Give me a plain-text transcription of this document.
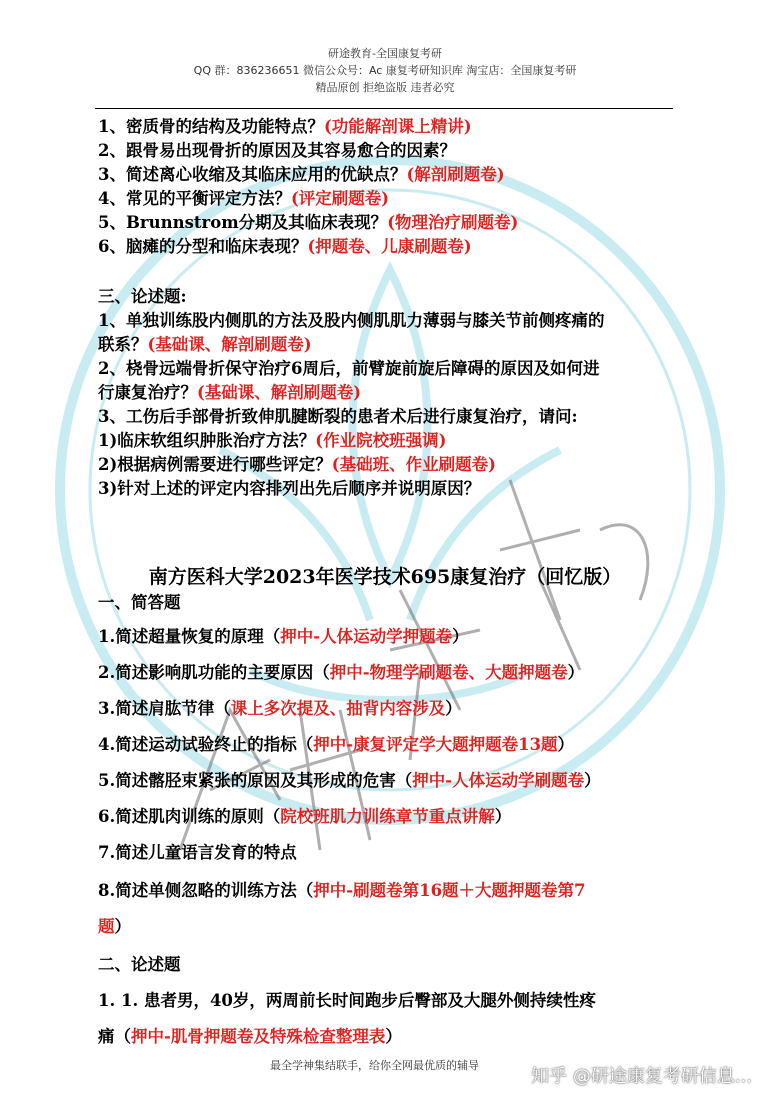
研途教育-全国康复考研
QQ 群：836236651 微信公众号：Ac 康复考研知识库 淘宝店：全国康复考研
精品原创 拒绝盗版 违者必究
1、密质骨的结构及功能特点？(功能解剖课上精讲)
2、跟骨易出现骨折的原因及其容易愈合的因素？
3、简述离心收缩及其临床应用的优缺点？(解剖刷题卷)
4、常见的平衡评定方法？(评定刷题卷)
5、Brunnstrom分期及其临床表现？(物理治疗刷题卷)
6、脑瘫的分型和临床表现？(押题卷、儿康刷题卷)
三、论述题:
1、单独训练股内侧肌的方法及股内侧肌肌力薄弱与膝关节前侧疼痛的
联系？(基础课、解剖刷题卷)
2、桡骨远端骨折保守治疗6周后，前臂旋前旋后障碍的原因及如何进
行康复治疗？(基础课、解剖刷题卷)
3、工伤后手部骨折致伸肌腱断裂的患者术后进行康复治疗，请问:
1)临床软组织肿胀治疗方法？(作业院校班强调)
2)根据病例需要进行哪些评定？(基础班、作业刷题卷)
3)针对上述的评定内容排列出先后顺序并说明原因？
南方医科大学2023年医学技术695康复治疗（回忆版）
一、简答题
1.简述超量恢复的原理（押中-人体运动学押题卷）
2.简述影响肌功能的主要原因（押中-物理学刷题卷、大题押题卷）
3.简述肩肱节律（课上多次提及、抽背内容涉及）
4.简述运动试验终止的指标（押中-康复评定学大题押题卷13题）
5.简述髂胫束紧张的原因及其形成的危害（押中-人体运动学刷题卷）
6.简述肌肉训练的原则（院校班肌力训练章节重点讲解）
7.简述儿童语言发育的特点
8.简述单侧忽略的训练方法（押中-刷题卷第16题＋大题押题卷第7
题）
二、论述题
1. 1. 患者男，40岁，两周前长时间跑步后臀部及大腿外侧持续性疼
痛（押中-肌骨押题卷及特殊检查整理表）
最全学神集结联手，给你全网最优质的辅导
知乎 @研途康复考研信息...
